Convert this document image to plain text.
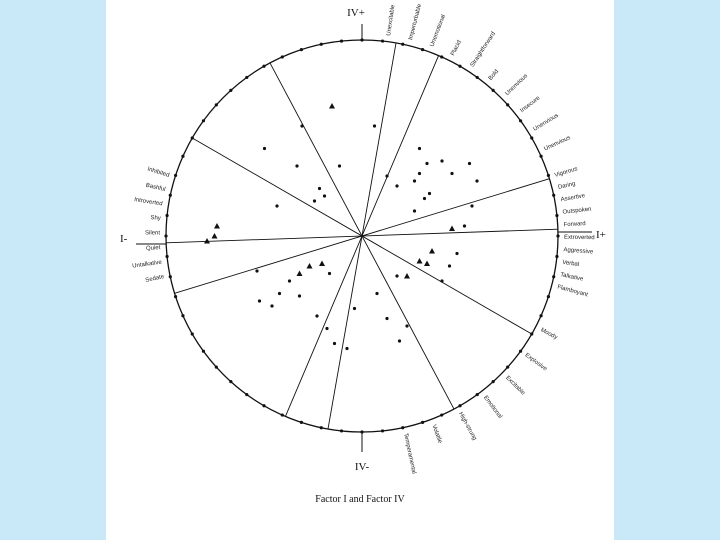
IV+
IV-
I-	I+
Vigorous
Daring
Assertive
Outspoken
Forward
Extroverted
Aggressive
Verbal
Talkative
Flamboyant
Sedate
Untalkative
Quiet
Silent
Shy
Introverted
Bashful
Inhibited
Unexcitable Imperturbable Unemotional
Placid Straightforward
Bold Unenvious
Insecure
Unenvious
Unenvious
Moody
Explosive
Excitable
Emotional
High-strung
Volatile
Temperamental
Factor I and Factor IV
